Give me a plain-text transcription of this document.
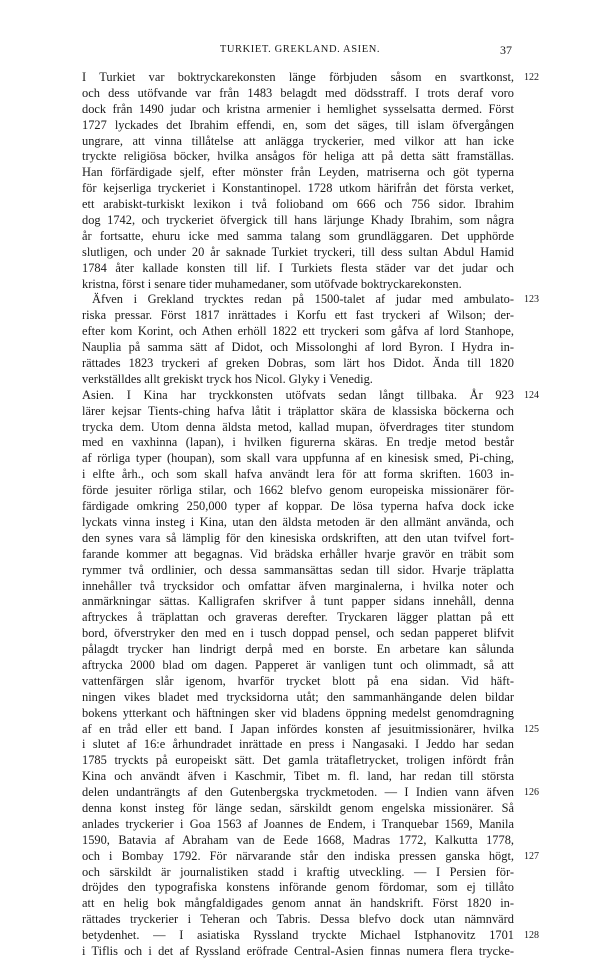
TURKIET. GREKLAND. ASIEN.	37
I Turkiet var boktryckarekonsten länge förbjuden såsom en svartkonst, 122
och dess utöfvande var från 1483 belagdt med dödsstraff. I trots deraf voro
dock från 1490 judar och kristna armenier i hemlighet sysselsatta dermed. Först
1727 lyckades det Ibrahim effendi, en, som det säges, till islam öfvergången
ungrare, att vinna tillåtelse att anlägga tryckerier, med vilkor att han icke
tryckte religiösa böcker, hvilka ansågos för heliga att på detta sätt framställas.
Han förfärdigade sjelf, efter mönster från Leyden, matriserna och göt typerna
för kejserliga tryckeriet i Konstantinopel. 1728 utkom härifrån det första verket,
ett arabiskt-turkiskt lexikon i två folioband om 666 och 756 sidor. Ibrahim
dog 1742, och tryckeriet öfvergick till hans lärjunge Khady Ibrahim, som några
år fortsatte, ehuru icke med samma talang som grundläggaren. Det upphörde
slutligen, och under 20 år saknade Turkiet tryckeri, till dess sultan Abdul Hamid
1784 åter kallade konsten till lif. I Turkiets flesta städer var det judar och
kristna, först i senare tider muhamedaner, som utöfvade boktryckarekonsten.
Äfven i Grekland trycktes redan på 1500-talet af judar med ambulato- 123
riska pressar. Först 1817 inrättades i Korfu ett fast tryckeri af Wilson; der-
efter kom Korint, och Athen erhöll 1822 ett tryckeri som gåfva af lord Stanhope,
Nauplia på samma sätt af Didot, och Missolonghi af lord Byron. I Hydra in-
rättades 1823 tryckeri af greken Dobras, som lärt hos Didot. Ända till 1820
verkställdes allt grekiskt tryck hos Nicol. Glyky i Venedig.
Asien. I Kina har tryckkonsten utöfvats sedan långt tillbaka. År 923 124
lärer kejsar Tients-ching hafva låtit i träplattor skära de klassiska böckerna och
trycka dem. Utom denna äldsta metod, kallad mupan, öfverdrages titer stundom
med en vaxhinna (lapan), i hvilken figurerna skäras. En tredje metod består
af rörliga typer (houpan), som skall vara uppfunna af en kinesisk smed, Pi-ching,
i elfte årh., och som skall hafva användt lera för att forma skriften. 1603 in-
förde jesuiter rörliga stilar, och 1662 blefvo genom europeiska missionärer för-
färdigade omkring 250,000 typer af koppar. De lösa typerna hafva dock icke
lyckats vinna insteg i Kina, utan den äldsta metoden är den allmänt använda, och
den synes vara så lämplig för den kinesiska ordskriften, att den utan tvifvel fort-
farande kommer att begagnas. Vid brädska erhåller hvarje gravör en träbit som
rymmer två ordlinier, och dessa sammansättas sedan till sidor. Hvarje träplatta
innehåller två trycksidor och omfattar äfven marginalerna, i hvilka noter och
anmärkningar sättas. Kalligrafen skrifver å tunt papper sidans innehåll, denna
aftryckes å träplattan och graveras derefter. Tryckaren lägger plattan på ett
bord, öfverstryker den med en i tusch doppad pensel, och sedan papperet blifvit
pålagdt trycker han lindrigt derpå med en borste. En arbetare kan sålunda
aftrycka 2000 blad om dagen. Papperet är vanligen tunt och olimmadt, så att
vattenfärgen slår igenom, hvarför trycket blott på ena sidan. Vid häft-
ningen vikes bladet med trycksidorna utåt; den sammanhängande delen bildar
bokens ytterkant och häftningen sker vid bladens öppning medelst genomdragning
af en tråd eller ett band. I Japan infördes konsten af jesuitmissionärer, hvilka 125
i slutet af 16:e århundradet inrättade en press i Nangasaki. I Jeddo har sedan
1785 tryckts på europeiskt sätt. Det gamla trätafletrycket, troligen infördt från
Kina och användt äfven i Kaschmir, Tibet m. fl. land, har redan till största
delen undanträngts af den Gutenbergska tryckmetoden. — I Indien vann äfven 126
denna konst insteg för länge sedan, särskildt genom engelska missionärer. Så
anlades tryckerier i Goa 1563 af Joannes de Endem, i Tranquebar 1569, Manila
1590, Batavia af Abraham van de Eede 1668, Madras 1772, Kalkutta 1778,
och i Bombay 1792. För närvarande står den indiska pressen ganska högt, 127
och särskildt är journalistiken stadd i kraftig utveckling. — I Persien för-
dröjdes den typografiska konstens införande genom fördomar, som ej tillåto
att en helig bok mångfaldigades genom annat än handskrift. Först 1820 in-
rättades tryckerier i Teheran och Tabris. Dessa blefvo dock utan nämnvärd
betydenhet. — I asiatiska Ryssland tryckte Michael Istphanovitz 1701 128
i Tiflis och i det af Ryssland eröfrade Central-Asien finnas numera flera trycke-
